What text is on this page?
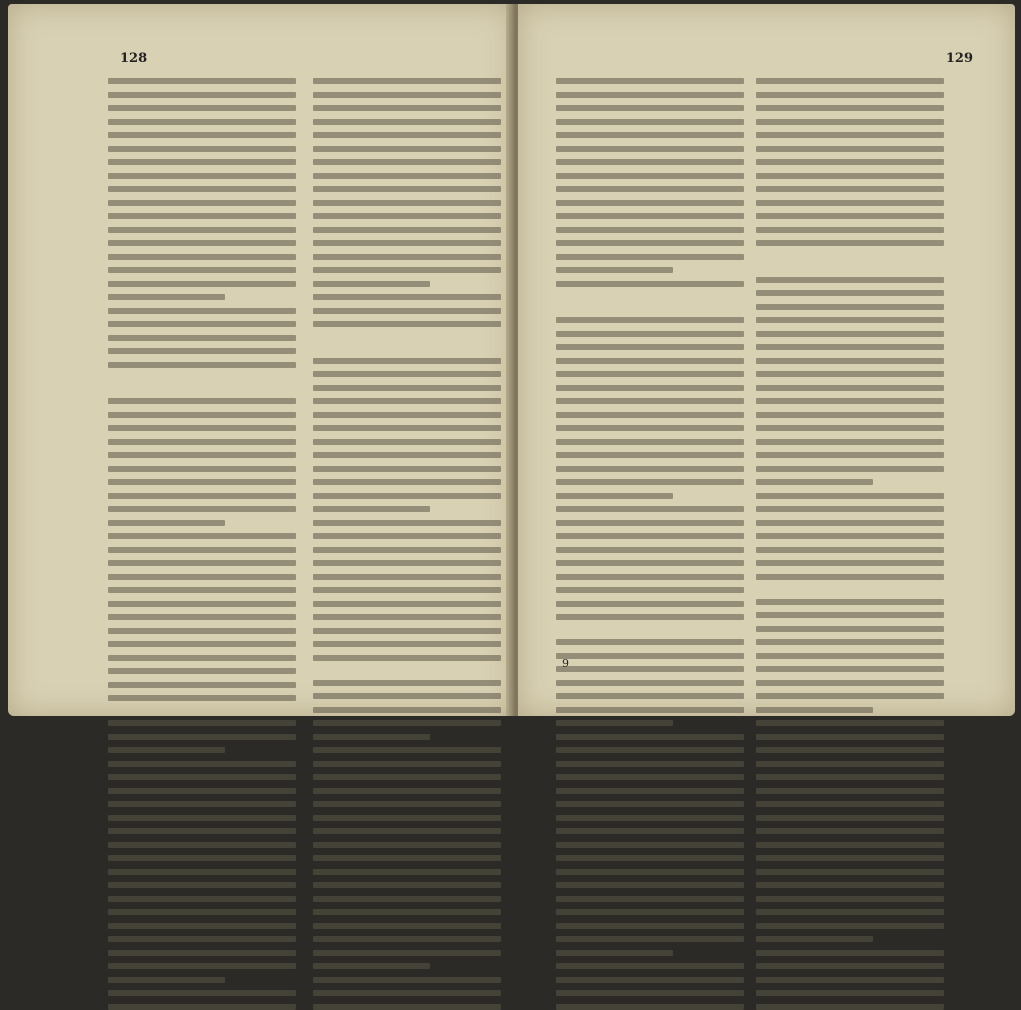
128	129
9
